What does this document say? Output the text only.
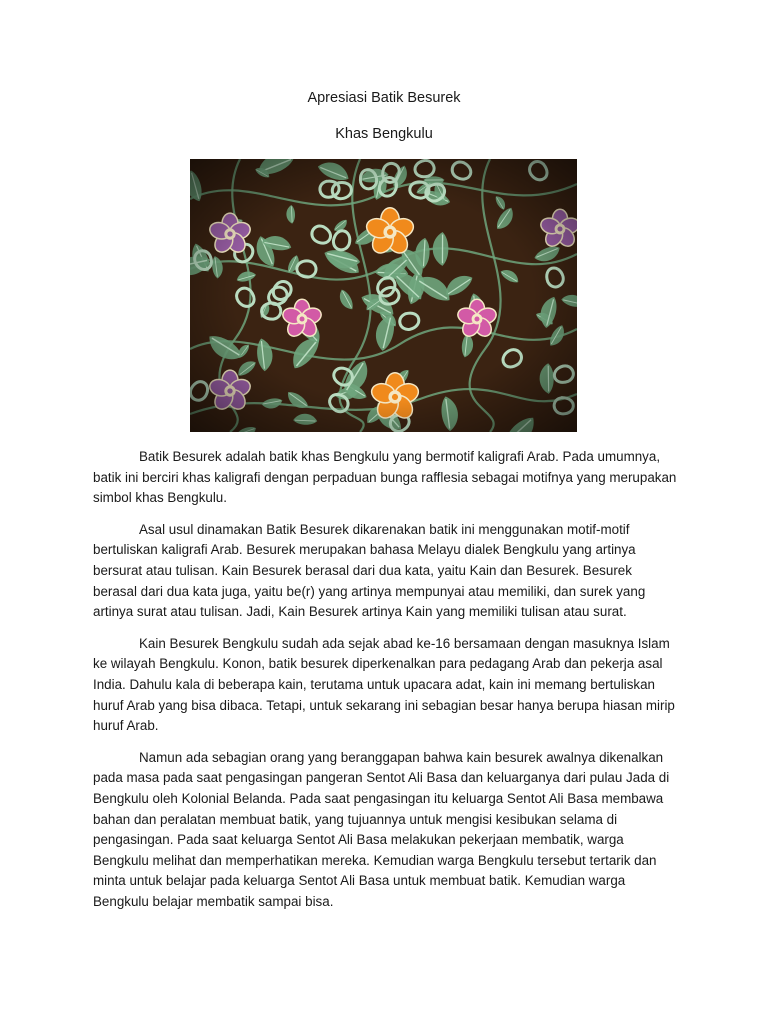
Apresiasi Batik Besurek
Khas Bengkulu

Batik Besurek adalah batik khas Bengkulu yang bermotif kaligrafi Arab. Pada umumnya, batik ini berciri khas kaligrafi dengan perpaduan bunga rafflesia sebagai motifnya yang merupakan simbol khas Bengkulu.

Asal usul dinamakan Batik Besurek dikarenakan batik ini menggunakan motif-motif bertuliskan kaligrafi Arab. Besurek merupakan bahasa Melayu dialek Bengkulu yang artinya bersurat atau tulisan. Kain Besurek berasal dari dua kata, yaitu Kain dan Besurek. Besurek berasal dari dua kata juga, yaitu be(r) yang artinya mempunyai atau memiliki, dan surek yang artinya surat atau tulisan. Jadi, Kain Besurek artinya Kain yang memiliki tulisan atau surat.

Kain Besurek Bengkulu sudah ada sejak abad ke-16 bersamaan dengan masuknya Islam ke wilayah Bengkulu. Konon, batik besurek diperkenalkan para pedagang Arab dan pekerja asal India. Dahulu kala di beberapa kain, terutama untuk upacara adat, kain ini memang bertuliskan huruf Arab yang bisa dibaca. Tetapi, untuk sekarang ini sebagian besar hanya berupa hiasan mirip huruf Arab.

Namun ada sebagian orang yang beranggapan bahwa kain besurek awalnya dikenalkan pada masa pada saat pengasingan pangeran Sentot Ali Basa dan keluarganya dari pulau Jada di Bengkulu oleh Kolonial Belanda. Pada saat pengasingan itu keluarga Sentot Ali Basa membawa bahan dan peralatan membuat batik, yang tujuannya untuk mengisi kesibukan selama di pengasingan. Pada saat keluarga Sentot Ali Basa melakukan pekerjaan membatik, warga Bengkulu melihat dan memperhatikan mereka. Kemudian warga Bengkulu tersebut tertarik dan minta untuk belajar pada keluarga Sentot Ali Basa untuk membuat batik. Kemudian warga Bengkulu belajar membatik sampai bisa.
